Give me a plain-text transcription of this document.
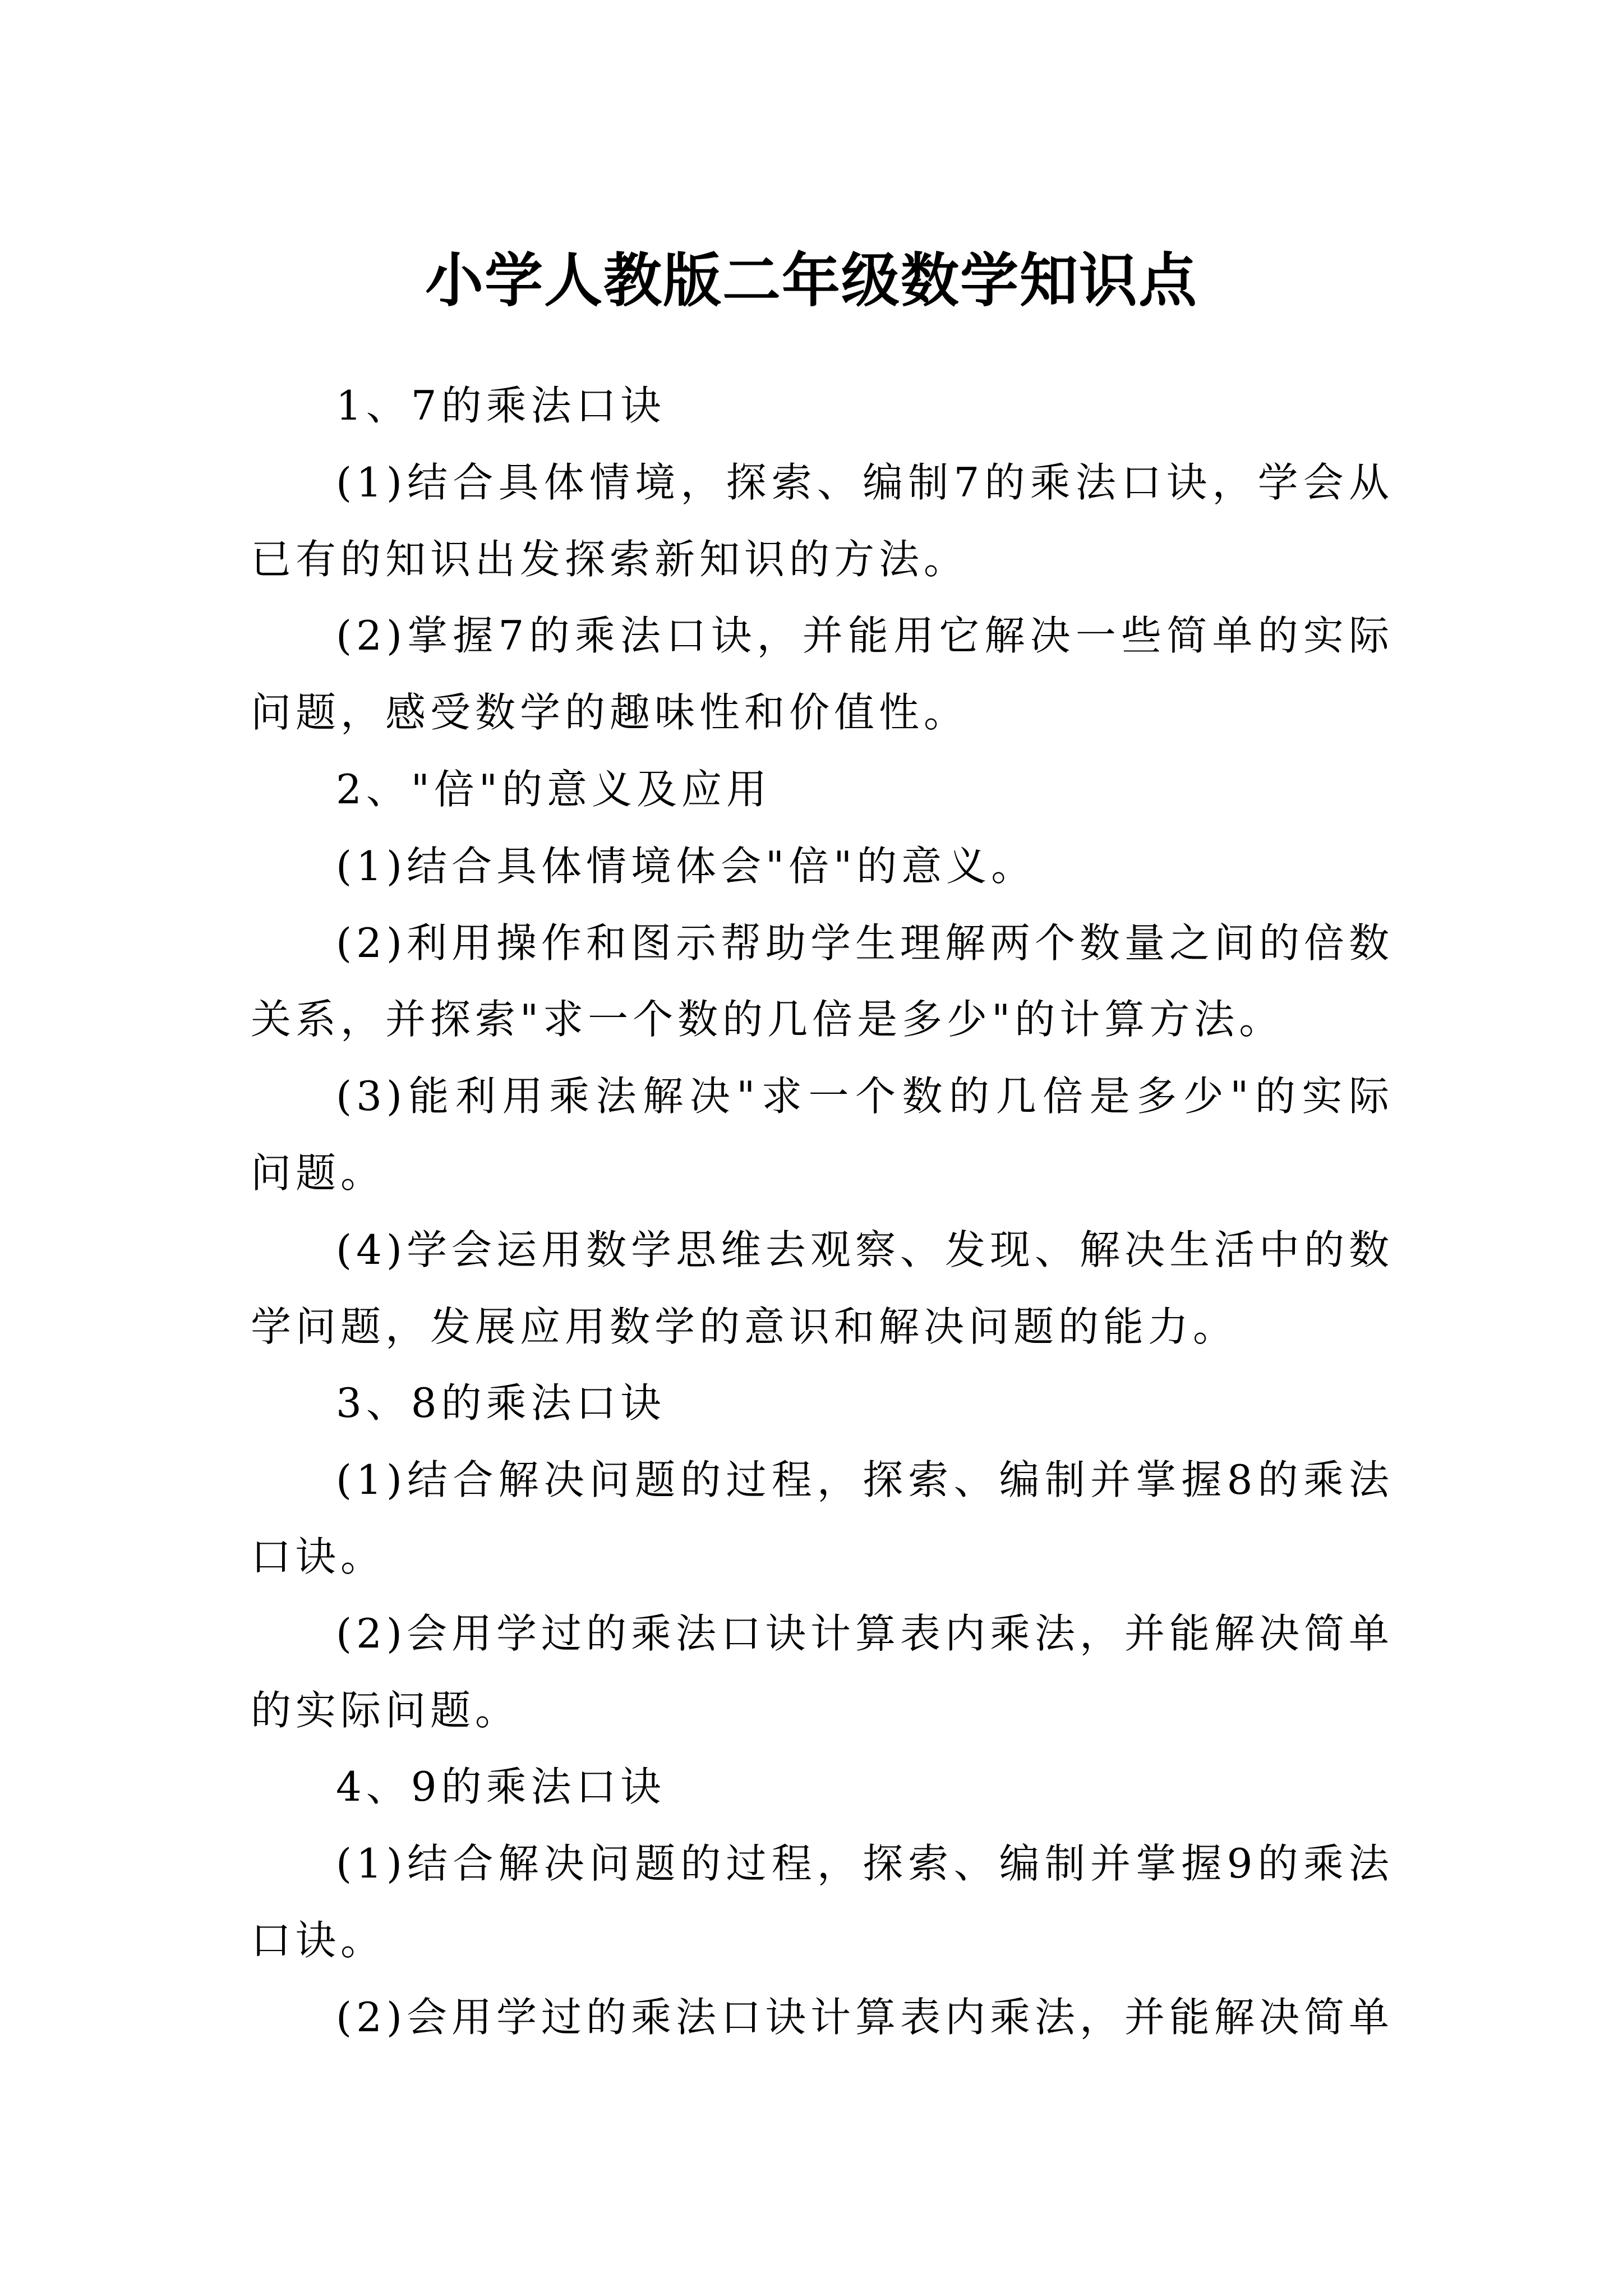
小学人教版二年级数学知识点

1、7的乘法口诀

(1)结合具体情境，探索、编制7的乘法口诀，学会从已有的知识出发探索新知识的方法。

(2)掌握7的乘法口诀，并能用它解决一些简单的实际问题，感受数学的趣味性和价值性。

2、"倍"的意义及应用

(1)结合具体情境体会"倍"的意义。

(2)利用操作和图示帮助学生理解两个数量之间的倍数关系，并探索"求一个数的几倍是多少"的计算方法。

(3)能利用乘法解决"求一个数的几倍是多少"的实际问题。

(4)学会运用数学思维去观察、发现、解决生活中的数学问题，发展应用数学的意识和解决问题的能力。

3、8的乘法口诀

(1)结合解决问题的过程，探索、编制并掌握8的乘法口诀。

(2)会用学过的乘法口诀计算表内乘法，并能解决简单的实际问题。

4、9的乘法口诀

(1)结合解决问题的过程，探索、编制并掌握9的乘法口诀。

(2)会用学过的乘法口诀计算表内乘法，并能解决简单
